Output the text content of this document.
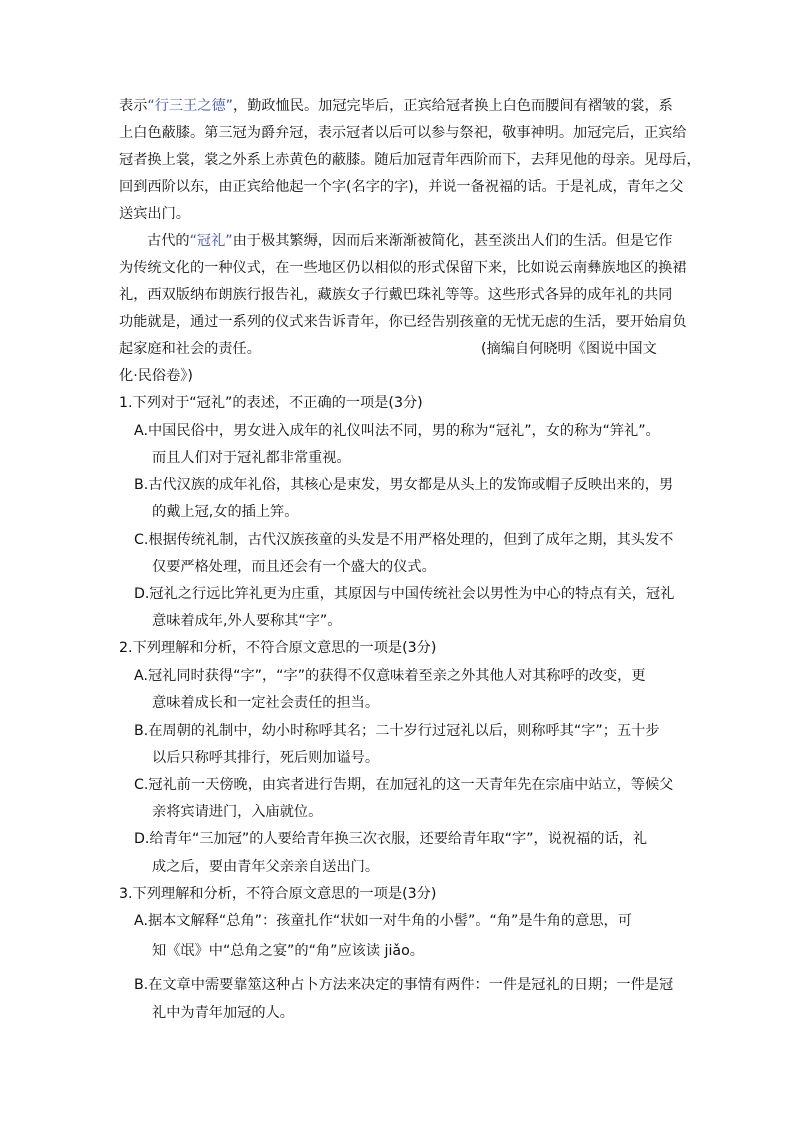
表示“行三王之德”，勤政恤民。加冠完毕后，正宾给冠者换上白色而腰间有褶皱的裳，系
上白色蔽膝。第三冠为爵弁冠，表示冠者以后可以参与祭祀，敬事神明。加冠完后，正宾给
冠者换上裳，裳之外系上赤黄色的蔽膝。随后加冠青年西阶而下，去拜见他的母亲。见母后，
回到西阶以东，由正宾给他起一个字(名字的字)，并说一备祝福的话。于是礼成，青年之父
送宾出门。
古代的“冠礼”由于极其繁缛，因而后来渐渐被简化，甚至淡出人们的生活。但是它作
为传统文化的一种仪式，在一些地区仍以相似的形式保留下来，比如说云南彝族地区的换裙
礼，西双版纳布朗族行报告礼，藏族女子行戴巴珠礼等等。这些形式各异的成年礼的共同
功能就是，通过一系列的仪式来告诉青年，你已经告别孩童的无忧无虑的生活，要开始肩负
起家庭和社会的责任。	(摘编自何晓明《图说中国文
化·民俗卷》)
1.下列对于“冠礼”的表述，不正确的一项是(3分)
A.中国民俗中，男女进入成年的礼仪叫法不同，男的称为“冠礼”，女的称为“笄礼”。
而且人们对于冠礼都非常重视。
B.古代汉族的成年礼俗，其核心是束发，男女都是从头上的发饰或帽子反映出来的，男
的戴上冠,女的插上笄。
C.根据传统礼制，古代汉族孩童的头发是不用严格处理的，但到了成年之期，其头发不
仅要严格处理，而且还会有一个盛大的仪式。
D.冠礼之行远比笄礼更为庄重，其原因与中国传统社会以男性为中心的特点有关，冠礼
意味着成年,外人要称其“字”。
2.下列理解和分析，不符合原文意思的一项是(3分)
A.冠礼同时获得“字”，“字”的获得不仅意味着至亲之外其他人对其称呼的改变，更
意味着成长和一定社会责任的担当。
B.在周朝的礼制中，幼小时称呼其名；二十岁行过冠礼以后，则称呼其“字”；五十步
以后只称呼其排行，死后则加谥号。
C.冠礼前一天傍晚，由宾者进行告期，在加冠礼的这一天青年先在宗庙中站立，等候父
亲将宾请进门，入庙就位。
D.给青年“三加冠”的人要给青年换三次衣服，还要给青年取“字”，说祝福的话，礼
成之后，要由青年父亲亲自送出门。
3.下列理解和分析，不符合原文意思的一项是(3分)
A.据本文解释“总角”：孩童扎作“状如一对牛角的小髻”。“角”是牛角的意思，可
知《氓》中“总角之宴”的“角”应该读 jiǎo。
B.在文章中需要靠筮这种占卜方法来决定的事情有两件：一件是冠礼的日期；一件是冠
礼中为青年加冠的人。
